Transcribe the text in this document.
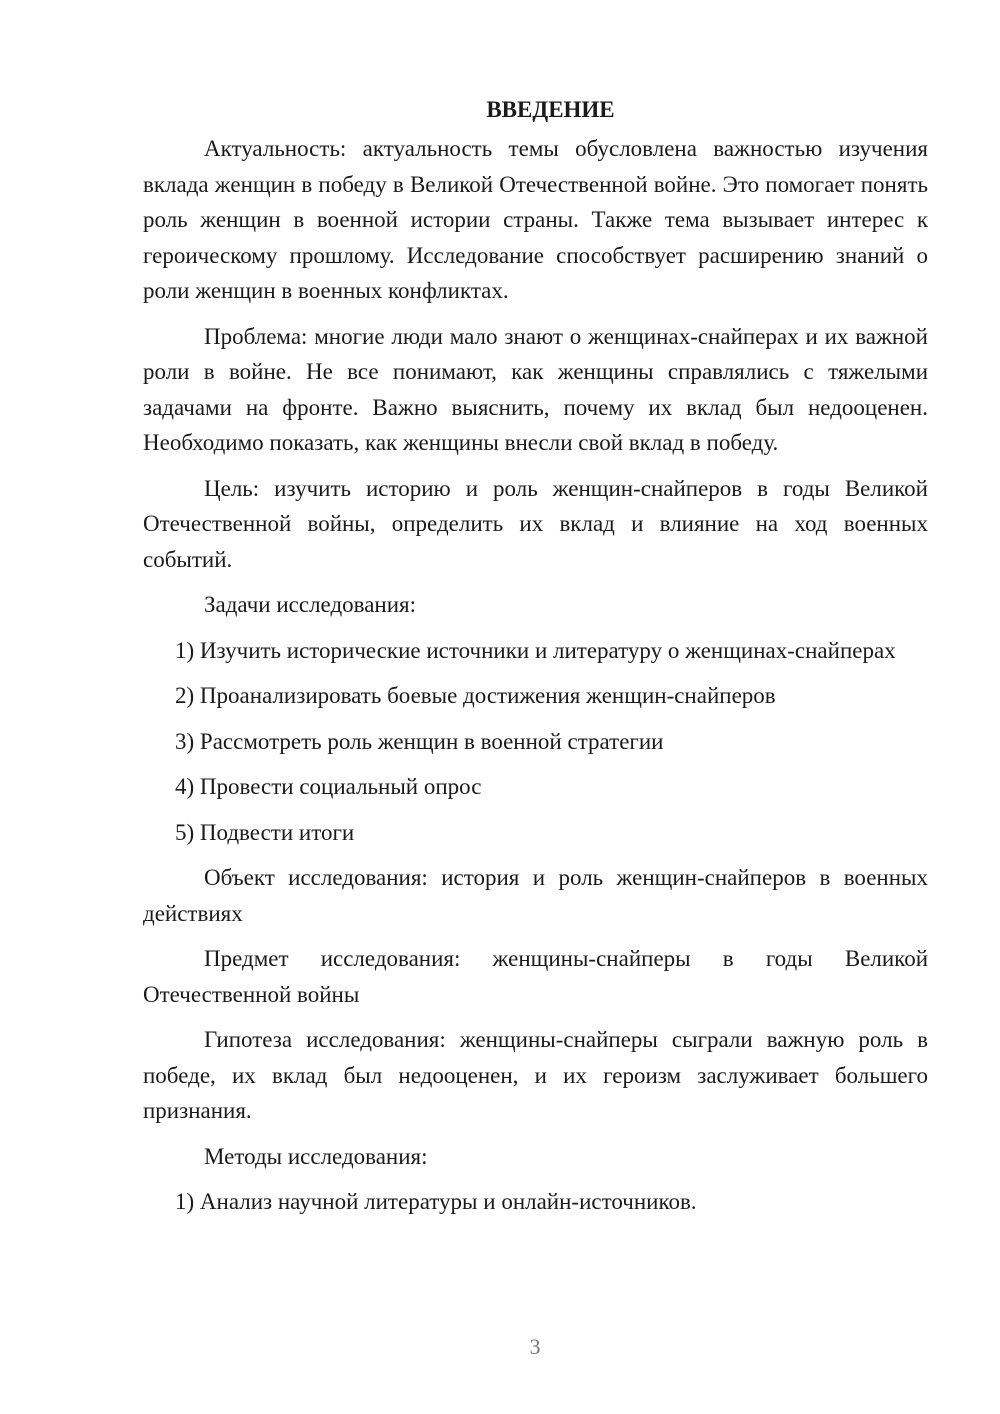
ВВЕДЕНИЕ

Актуальность: актуальность темы обусловлена важностью изучения вклада женщин в победу в Великой Отечественной войне. Это помогает понять роль женщин в военной истории страны. Также тема вызывает интерес к героическому прошлому. Исследование способствует расширению знаний о роли женщин в военных конфликтах.

Проблема: многие люди мало знают о женщинах-снайперах и их важной роли в войне. Не все понимают, как женщины справлялись с тяжелыми задачами на фронте. Важно выяснить, почему их вклад был недооценен. Необходимо показать, как женщины внесли свой вклад в победу.

Цель: изучить историю и роль женщин-снайперов в годы Великой Отечественной войны, определить их вклад и влияние на ход военных событий.

Задачи исследования:

1) Изучить исторические источники и литературу о женщинах-снайперах

2) Проанализировать боевые достижения женщин-снайперов

3) Рассмотреть роль женщин в военной стратегии

4) Провести социальный опрос

5) Подвести итоги

Объект исследования: история и роль женщин-снайперов в военных действиях

Предмет исследования: женщины-снайперы в годы Великой Отечественной войны

Гипотеза исследования: женщины-снайперы сыграли важную роль в победе, их вклад был недооценен, и их героизм заслуживает большего признания.

Методы исследования:

1) Анализ научной литературы и онлайн-источников.

3
